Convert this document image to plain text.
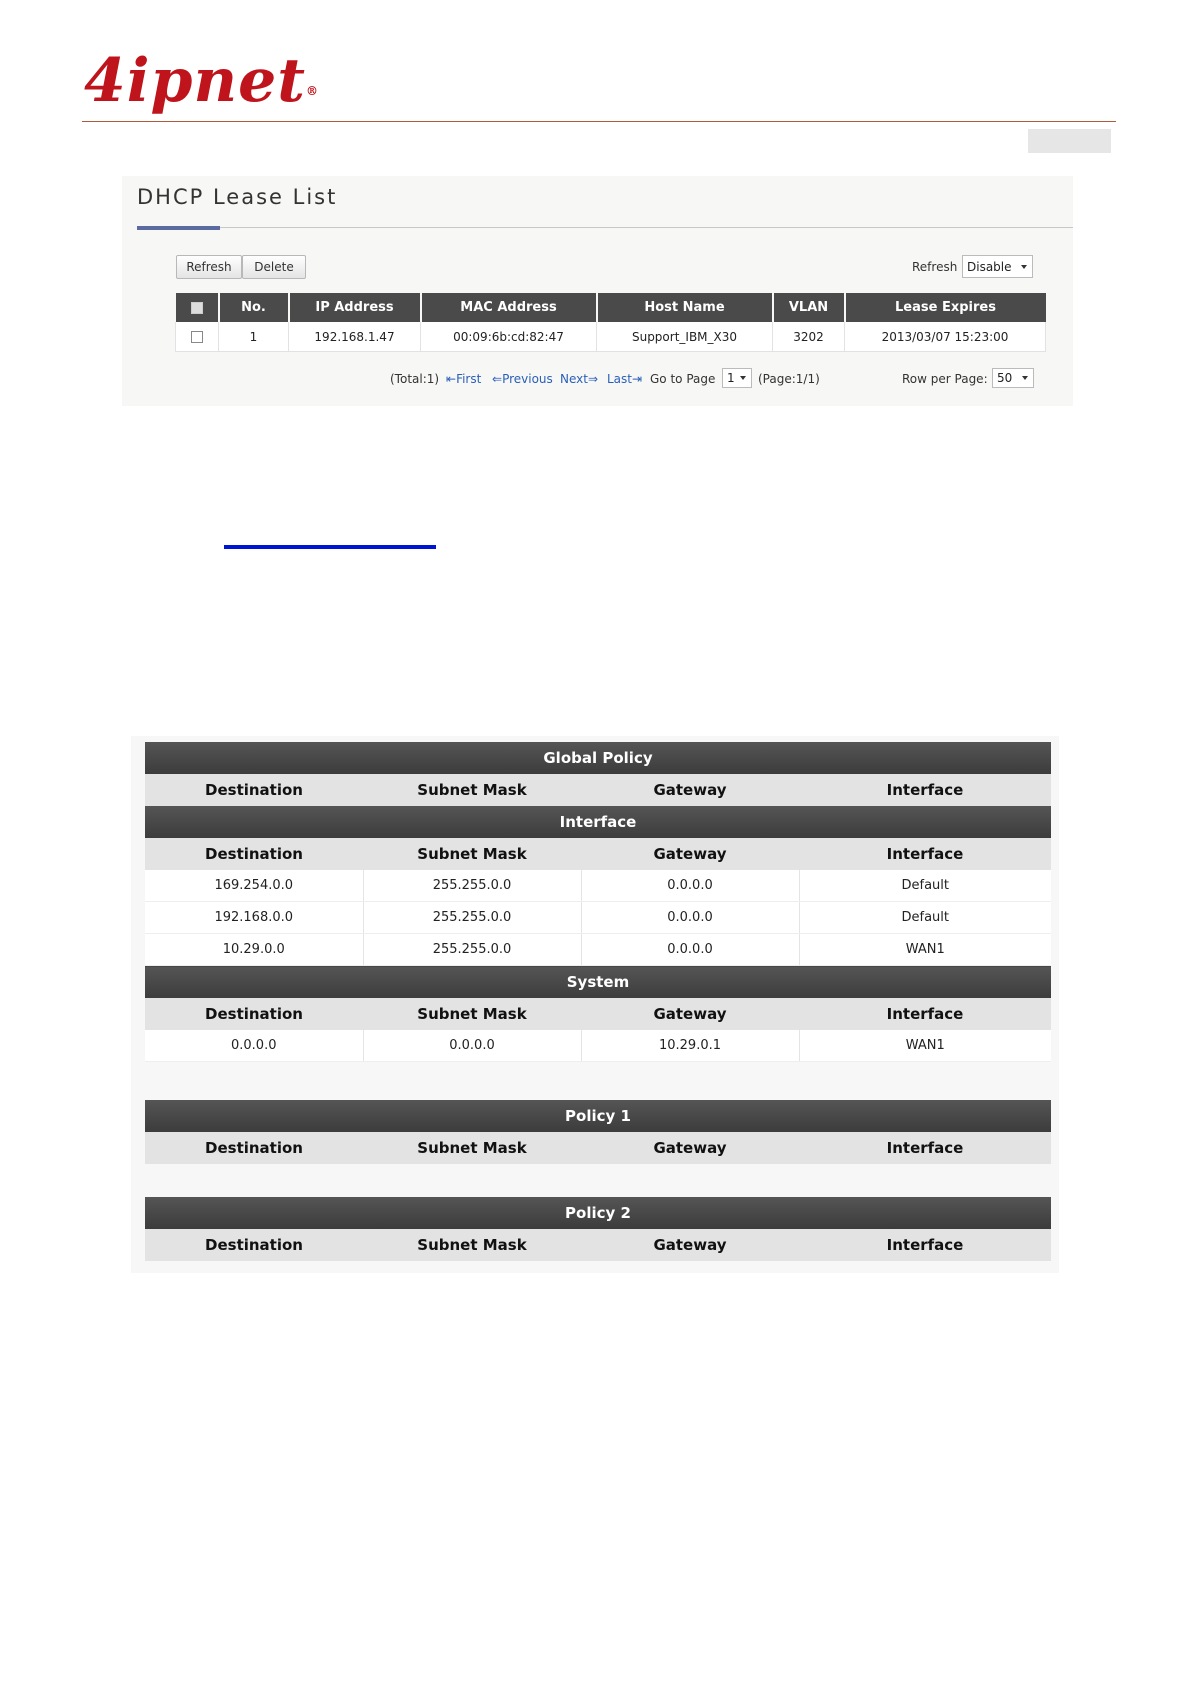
4ipnet®
DHCP Lease List
Refresh	Delete	Refresh Disable
	No.	IP Address	MAC Address	Host Name	VLAN	Lease Expires
	1	192.168.1.47	00:09:6b:cd:82:47	Support_IBM_X30	3202	2013/03/07 15:23:00
(Total:1) ⇤First ⇐Previous Next⇒ Last⇥ Go to Page 1 (Page:1/1)	Row per Page: 50
Global Policy			
Destination	Subnet Mask	Gateway	Interface
Interface			
Destination	Subnet Mask	Gateway	Interface
169.254.0.0	255.255.0.0	0.0.0.0	Default
192.168.0.0	255.255.0.0	0.0.0.0	Default
10.29.0.0	255.255.0.0	0.0.0.0	WAN1
System			
Destination	Subnet Mask	Gateway	Interface
0.0.0.0	0.0.0.0	10.29.0.1	WAN1
Policy 1
Destination	Subnet Mask	Gateway	Interface
Policy 2
Destination	Subnet Mask	Gateway	Interface
